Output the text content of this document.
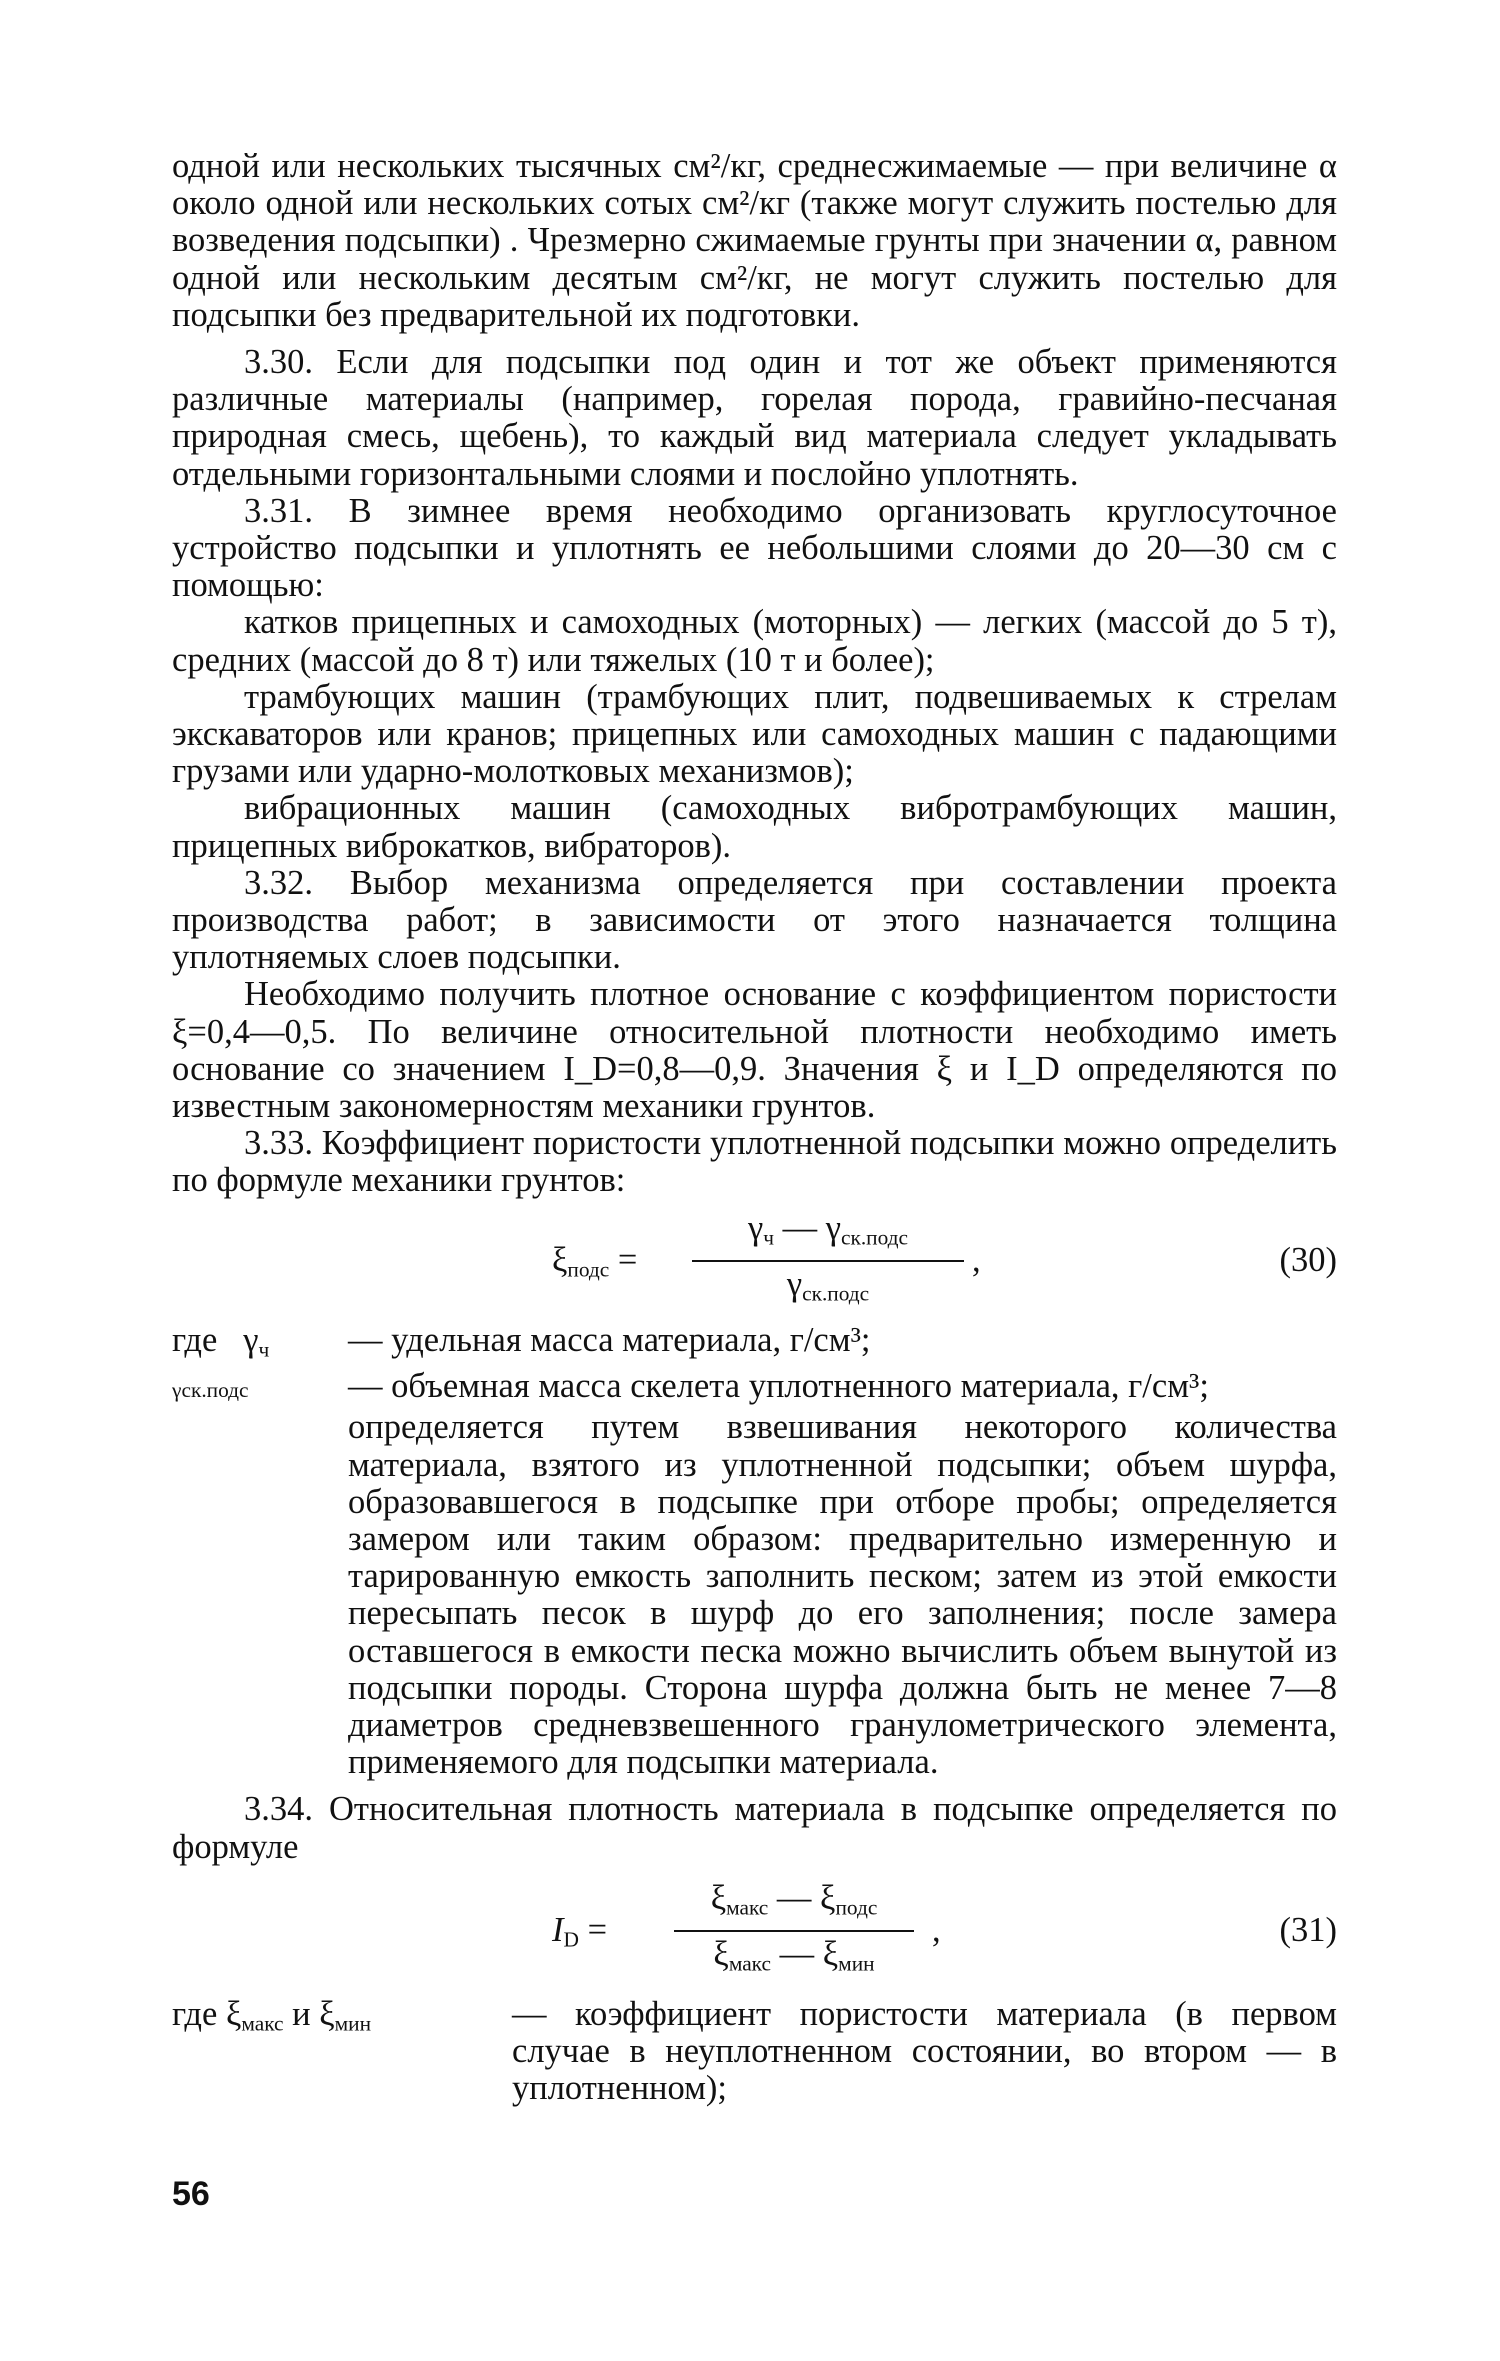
одной или нескольких тысячных см²/кг, среднесжимаемые — при величине α около одной или нескольких сотых см²/кг (также могут служить постелью для возведения подсыпки) . Чрезмерно сжимаемые грунты при значении α, равном одной или нескольким десятым см²/кг, не могут служить постелью для подсыпки без предварительной их подготовки.

3.30. Если для подсыпки под один и тот же объект применяются различные материалы (например, горелая порода, гравийно-песчаная природная смесь, щебень), то каждый вид материала следует укладывать отдельными горизонтальными слоями и послойно уплотнять.

3.31. В зимнее время необходимо организовать круглосуточное устройство подсыпки и уплотнять ее небольшими слоями до 20—30 см с помощью:

катков прицепных и самоходных (моторных) — легких (массой до 5 т), средних (массой до 8 т) или тяжелых (10 т и более);

трамбующих машин (трамбующих плит, подвешиваемых к стрелам экскаваторов или кранов; прицепных или самоходных машин с падающими грузами или ударно-молотковых механизмов);

вибрационных машин (самоходных вибротрамбующих машин, прицепных виброкатков, вибраторов).

3.32. Выбор механизма определяется при составлении проекта производства работ; в зависимости от этого назначается толщина уплотняемых слоев подсыпки.

Необходимо получить плотное основание с коэффициентом пористости ξ=0,4—0,5. По величине относительной плотности необходимо иметь основание со значением I_D=0,8—0,9. Значения ξ и I_D определяются по известным закономерностям механики грунтов.

3.33. Коэффициент пористости уплотненной подсыпки можно определить по формуле механики грунтов:

$\xi_{подс}$ =
$\gamma_ч$ — $\gamma_{ск.подс}$
$\gamma_{ск.подс}$
,	(30)
где $\gamma_ч$	— удельная масса материала, г/см³;
γск.подс	— объемная масса скелета уплотненного материала, г/см³;

определяется путем взвешивания некоторого количества материала, взятого из уплотненной подсыпки; объем шурфа, образовавшегося в подсыпке при отборе пробы; определяется замером или таким образом: предварительно измеренную и тарированную емкость заполнить песком; затем из этой емкости пересыпать песок в шурф до его заполнения; после замера оставшегося в емкости песка можно вычислить объем вынутой из подсыпки породы. Сторона шурфа должна быть не менее 7—8 диаметров средневзвешенного гранулометрического элемента, применяемого для подсыпки материала.

3.34. Относительная плотность материала в подсыпке определяется по формуле

$I_D$ =
$\xi_{макс}$ — $\xi_{подс}$
$\xi_{макс}$ — $\xi_{мин}$
,	(31)
где $\xi_{макс}$ и $\xi_{мин}$	— коэффициент пористости материала (в первом случае в неуплотненном состоянии, во втором — в уплотненном);
56
